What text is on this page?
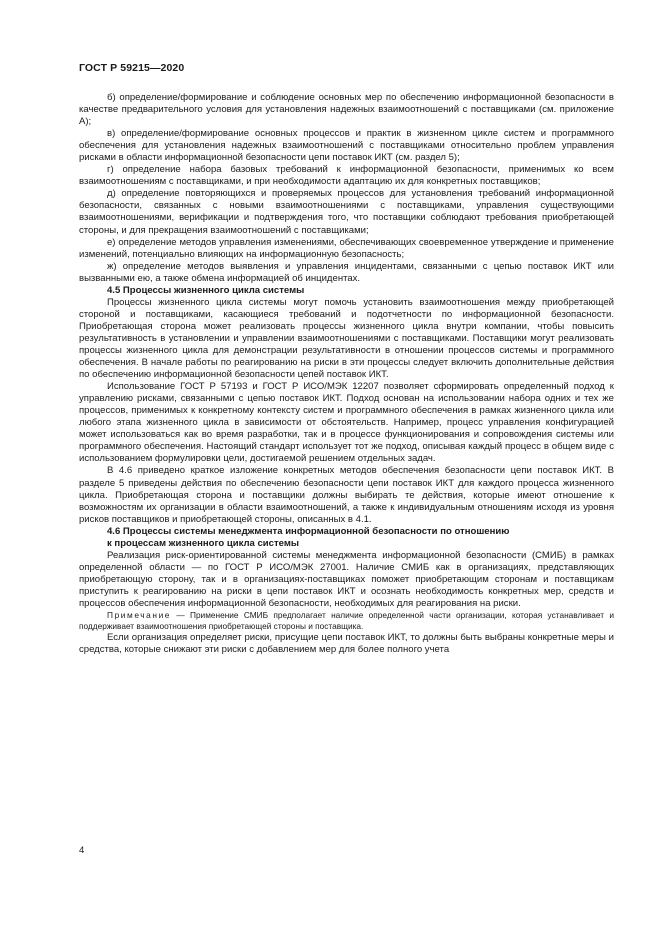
ГОСТ Р 59215—2020

б) определение/формирование и соблюдение основных мер по обеспечению информационной безопасности в качестве предварительного условия для установления надежных взаимоотношений с поставщиками (см. приложение А);

в) определение/формирование основных процессов и практик в жизненном цикле систем и программного обеспечения для установления надежных взаимоотношений с поставщиками относительно проблем управления рисками в области информационной безопасности цепи поставок ИКТ (см. раздел 5);

г) определение набора базовых требований к информационной безопасности, применимых ко всем взаимоотношениям с поставщиками, и при необходимости адаптацию их для конкретных поставщиков;

д) определение повторяющихся и проверяемых процессов для установления требований информационной безопасности, связанных с новыми взаимоотношениями с поставщиками, управления существующими взаимоотношениями, верификации и подтверждения того, что поставщики соблюдают требования приобретающей стороны, и для прекращения взаимоотношений с поставщиками;

е) определение методов управления изменениями, обеспечивающих своевременное утверждение и применение изменений, потенциально влияющих на информационную безопасность;

ж) определение методов выявления и управления инцидентами, связанными с цепью поставок ИКТ или вызванными ею, а также обмена информацией об инцидентах.

4.5 Процессы жизненного цикла системы

Процессы жизненного цикла системы могут помочь установить взаимоотношения между приобретающей стороной и поставщиками, касающиеся требований и подотчетности по информационной безопасности. Приобретающая сторона может реализовать процессы жизненного цикла внутри компании, чтобы повысить результативность в установлении и управлении взаимоотношениями с поставщиками. Поставщики могут реализовать процессы жизненного цикла для демонстрации результативности в отношении процессов системы и программного обеспечения. В начале работы по реагированию на риски в эти процессы следует включить дополнительные действия по обеспечению информационной безопасности цепей поставок ИКТ.

Использование ГОСТ Р 57193 и ГОСТ Р ИСО/МЭК 12207 позволяет сформировать определенный подход к управлению рисками, связанными с цепью поставок ИКТ. Подход основан на использовании набора одних и тех же процессов, применимых к конкретному контексту систем и программного обеспечения в рамках жизненного цикла или любого этапа жизненного цикла в зависимости от обстоятельств. Например, процесс управления конфигурацией может использоваться как во время разработки, так и в процессе функционирования и сопровождения системы или программного обеспечения. Настоящий стандарт использует тот же подход, описывая каждый процесс в общем виде с использованием формулировки цели, достигаемой решением отдельных задач.

В 4.6 приведено краткое изложение конкретных методов обеспечения безопасности цепи поставок ИКТ. В разделе 5 приведены действия по обеспечению безопасности цепи поставок ИКТ для каждого процесса жизненного цикла. Приобретающая сторона и поставщики должны выбирать те действия, которые имеют отношение к возможностям их организации в области взаимоотношений, а также к индивидуальным отношениям исходя из уровня рисков поставщиков и приобретающей стороны, описанных в 4.1.

4.6 Процессы системы менеджмента информационной безопасности по отношению
к процессам жизненного цикла системы

Реализация риск-ориентированной системы менеджмента информационной безопасности (СМИБ) в рамках определенной области — по ГОСТ Р ИСО/МЭК 27001. Наличие СМИБ как в организациях, представляющих приобретающую сторону, так и в организациях-поставщиках поможет приобретающим сторонам и поставщикам приступить к реагированию на риски в цепи поставок ИКТ и осознать необходимость конкретных мер, средств и процессов обеспечения информационной безопасности, необходимых для реагирования на риски.

Примечание — Применение СМИБ предполагает наличие определенной части организации, которая устанавливает и поддерживает взаимоотношения приобретающей стороны и поставщика.

Если организация определяет риски, присущие цепи поставок ИКТ, то должны быть выбраны конкретные меры и средства, которые снижают эти риски с добавлением мер для более полного учета

4
